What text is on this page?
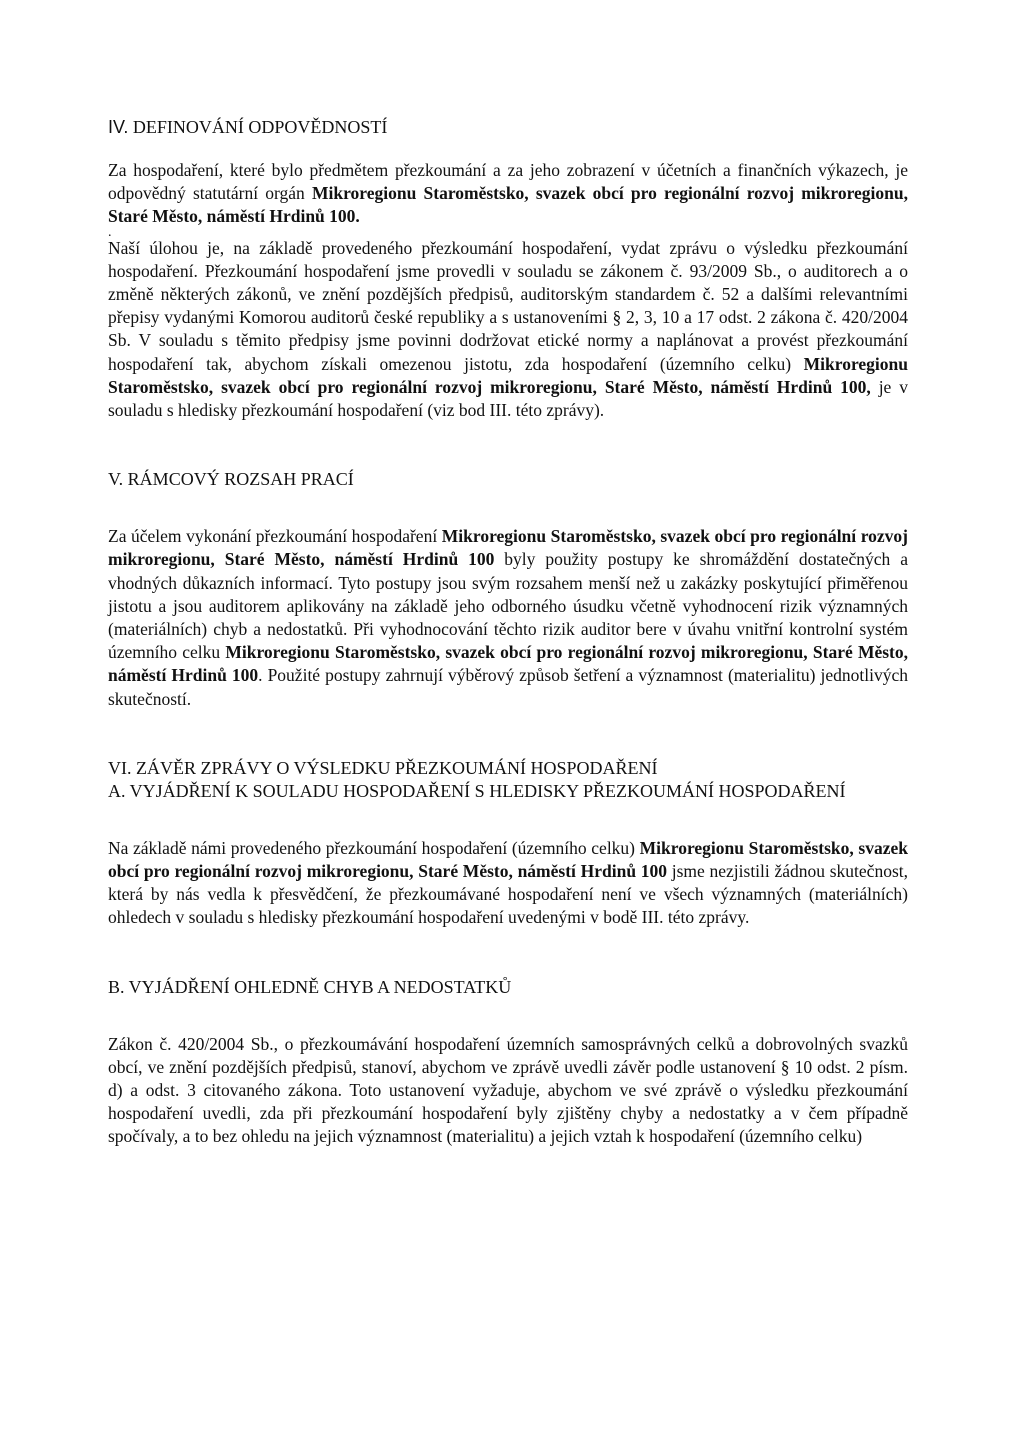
IV. DEFINOVÁNÍ ODPOVĚDNOSTÍ

Za hospodaření, které bylo předmětem přezkoumání a za jeho zobrazení v účetních a finančních výkazech, je odpovědný statutární orgán Mikroregionu Staroměstsko, svazek obcí pro regionální rozvoj mikroregionu, Staré Město, náměstí Hrdinů 100.

.

Naší úlohou je, na základě provedeného přezkoumání hospodaření, vydat zprávu o výsledku přezkoumání hospodaření. Přezkoumání hospodaření jsme provedli v souladu se zákonem č. 93/2009 Sb., o auditorech a o změně některých zákonů, ve znění pozdějších předpisů, auditorským standardem č. 52 a dalšími relevantními přepisy vydanými Komorou auditorů české republiky a s ustanoveními § 2, 3, 10 a 17 odst. 2 zákona č. 420/2004 Sb. V souladu s těmito předpisy jsme povinni dodržovat etické normy a naplánovat a provést přezkoumání hospodaření tak, abychom získali omezenou jistotu, zda hospodaření (územního celku) Mikroregionu Staroměstsko, svazek obcí pro regionální rozvoj mikroregionu, Staré Město, náměstí Hrdinů 100, je v souladu s hledisky přezkoumání hospodaření (viz bod III. této zprávy).

V. RÁMCOVÝ ROZSAH PRACÍ

Za účelem vykonání přezkoumání hospodaření Mikroregionu Staroměstsko, svazek obcí pro regionální rozvoj mikroregionu, Staré Město, náměstí Hrdinů 100 byly použity postupy ke shromáždění dostatečných a vhodných důkazních informací. Tyto postupy jsou svým rozsahem menší než u zakázky poskytující přiměřenou jistotu a jsou auditorem aplikovány na základě jeho odborného úsudku včetně vyhodnocení rizik významných (materiálních) chyb a nedostatků. Při vyhodnocování těchto rizik auditor bere v úvahu vnitřní kontrolní systém územního celku Mikroregionu Staroměstsko, svazek obcí pro regionální rozvoj mikroregionu, Staré Město, náměstí Hrdinů 100. Použité postupy zahrnují výběrový způsob šetření a významnost (materialitu) jednotlivých skutečností.

VI. ZÁVĚR ZPRÁVY O VÝSLEDKU PŘEZKOUMÁNÍ HOSPODAŘENÍ
A. VYJÁDŘENÍ K SOULADU HOSPODAŘENÍ S HLEDISKY PŘEZKOUMÁNÍ HOSPODAŘENÍ

Na základě námi provedeného přezkoumání hospodaření (územního celku) Mikroregionu Staroměstsko, svazek obcí pro regionální rozvoj mikroregionu, Staré Město, náměstí Hrdinů 100 jsme nezjistili žádnou skutečnost, která by nás vedla k přesvědčení, že přezkoumávané hospodaření není ve všech významných (materiálních) ohledech v souladu s hledisky přezkoumání hospodaření uvedenými v bodě III. této zprávy.

B. VYJÁDŘENÍ OHLEDNĚ CHYB A NEDOSTATKŮ

Zákon č. 420/2004 Sb., o přezkoumávání hospodaření územních samosprávných celků a dobrovolných svazků obcí, ve znění pozdějších předpisů, stanoví, abychom ve zprávě uvedli závěr podle ustanovení § 10 odst. 2 písm. d) a odst. 3 citovaného zákona. Toto ustanovení vyžaduje, abychom ve své zprávě o výsledku přezkoumání hospodaření uvedli, zda při přezkoumání hospodaření byly zjištěny chyby a nedostatky a v čem případně spočívaly, a to bez ohledu na jejich významnost (materialitu) a jejich vztah k hospodaření (územního celku)
